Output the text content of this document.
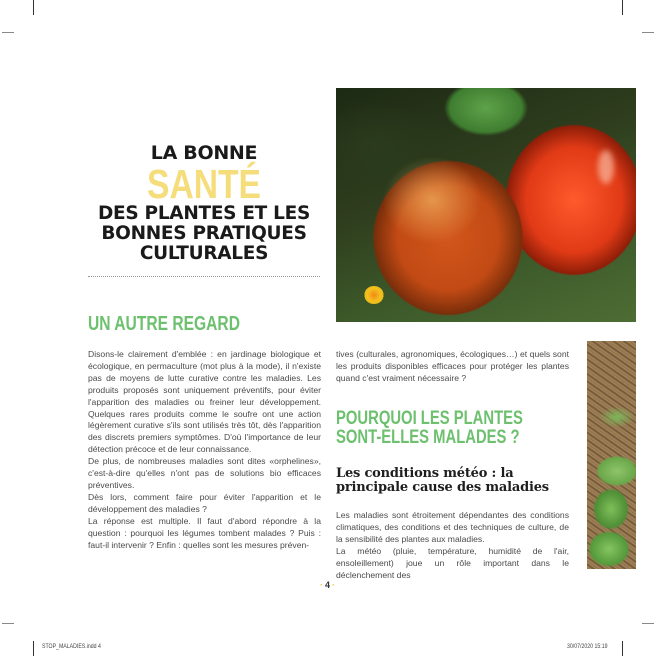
LA BONNE
SANTÉ
DES PLANTES ET LES
BONNES PRATIQUES
CULTURALES
UN AUTRE REGARD

Disons-le clairement d'emblée : en jardinage biologique et écologique, en permaculture (mot plus à la mode), il n'existe pas de moyens de lutte curative contre les maladies. Les produits proposés sont uniquement préventifs, pour éviter l'apparition des maladies ou freiner leur développement. Quelques rares produits comme le soufre ont une action légèrement curative s'ils sont utilisés très tôt, dès l'apparition des discrets premiers symptômes. D'où l'importance de leur détection précoce et de leur connaissance.

De plus, de nombreuses maladies sont dites «orphelines», c'est-à-dire qu'elles n'ont pas de solutions bio efficaces préventives.

Dès lors, comment faire pour éviter l'apparition et le développement des maladies ?

La réponse est multiple. Il faut d'abord répondre à la question : pourquoi les légumes tombent malades ? Puis : faut-il intervenir ? Enfin : quelles sont les mesures préven-

tives (culturales, agronomiques, écologiques…) et quels sont les produits disponibles efficaces pour protéger les plantes quand c'est vraiment nécessaire ?

POURQUOI LES PLANTES
SONT-ELLES MALADES ?
Les conditions météo : la principale cause des maladies

Les maladies sont étroitement dépendantes des conditions climatiques, des conditions et des techniques de culture, de la sensibilité des plantes aux maladies.

La météo (pluie, température, humidité de l'air, ensoleillement) joue un rôle important dans le déclenchement des

· 4 ·
STOP_MALADIES.indd 4	30/07/2020 15:19
